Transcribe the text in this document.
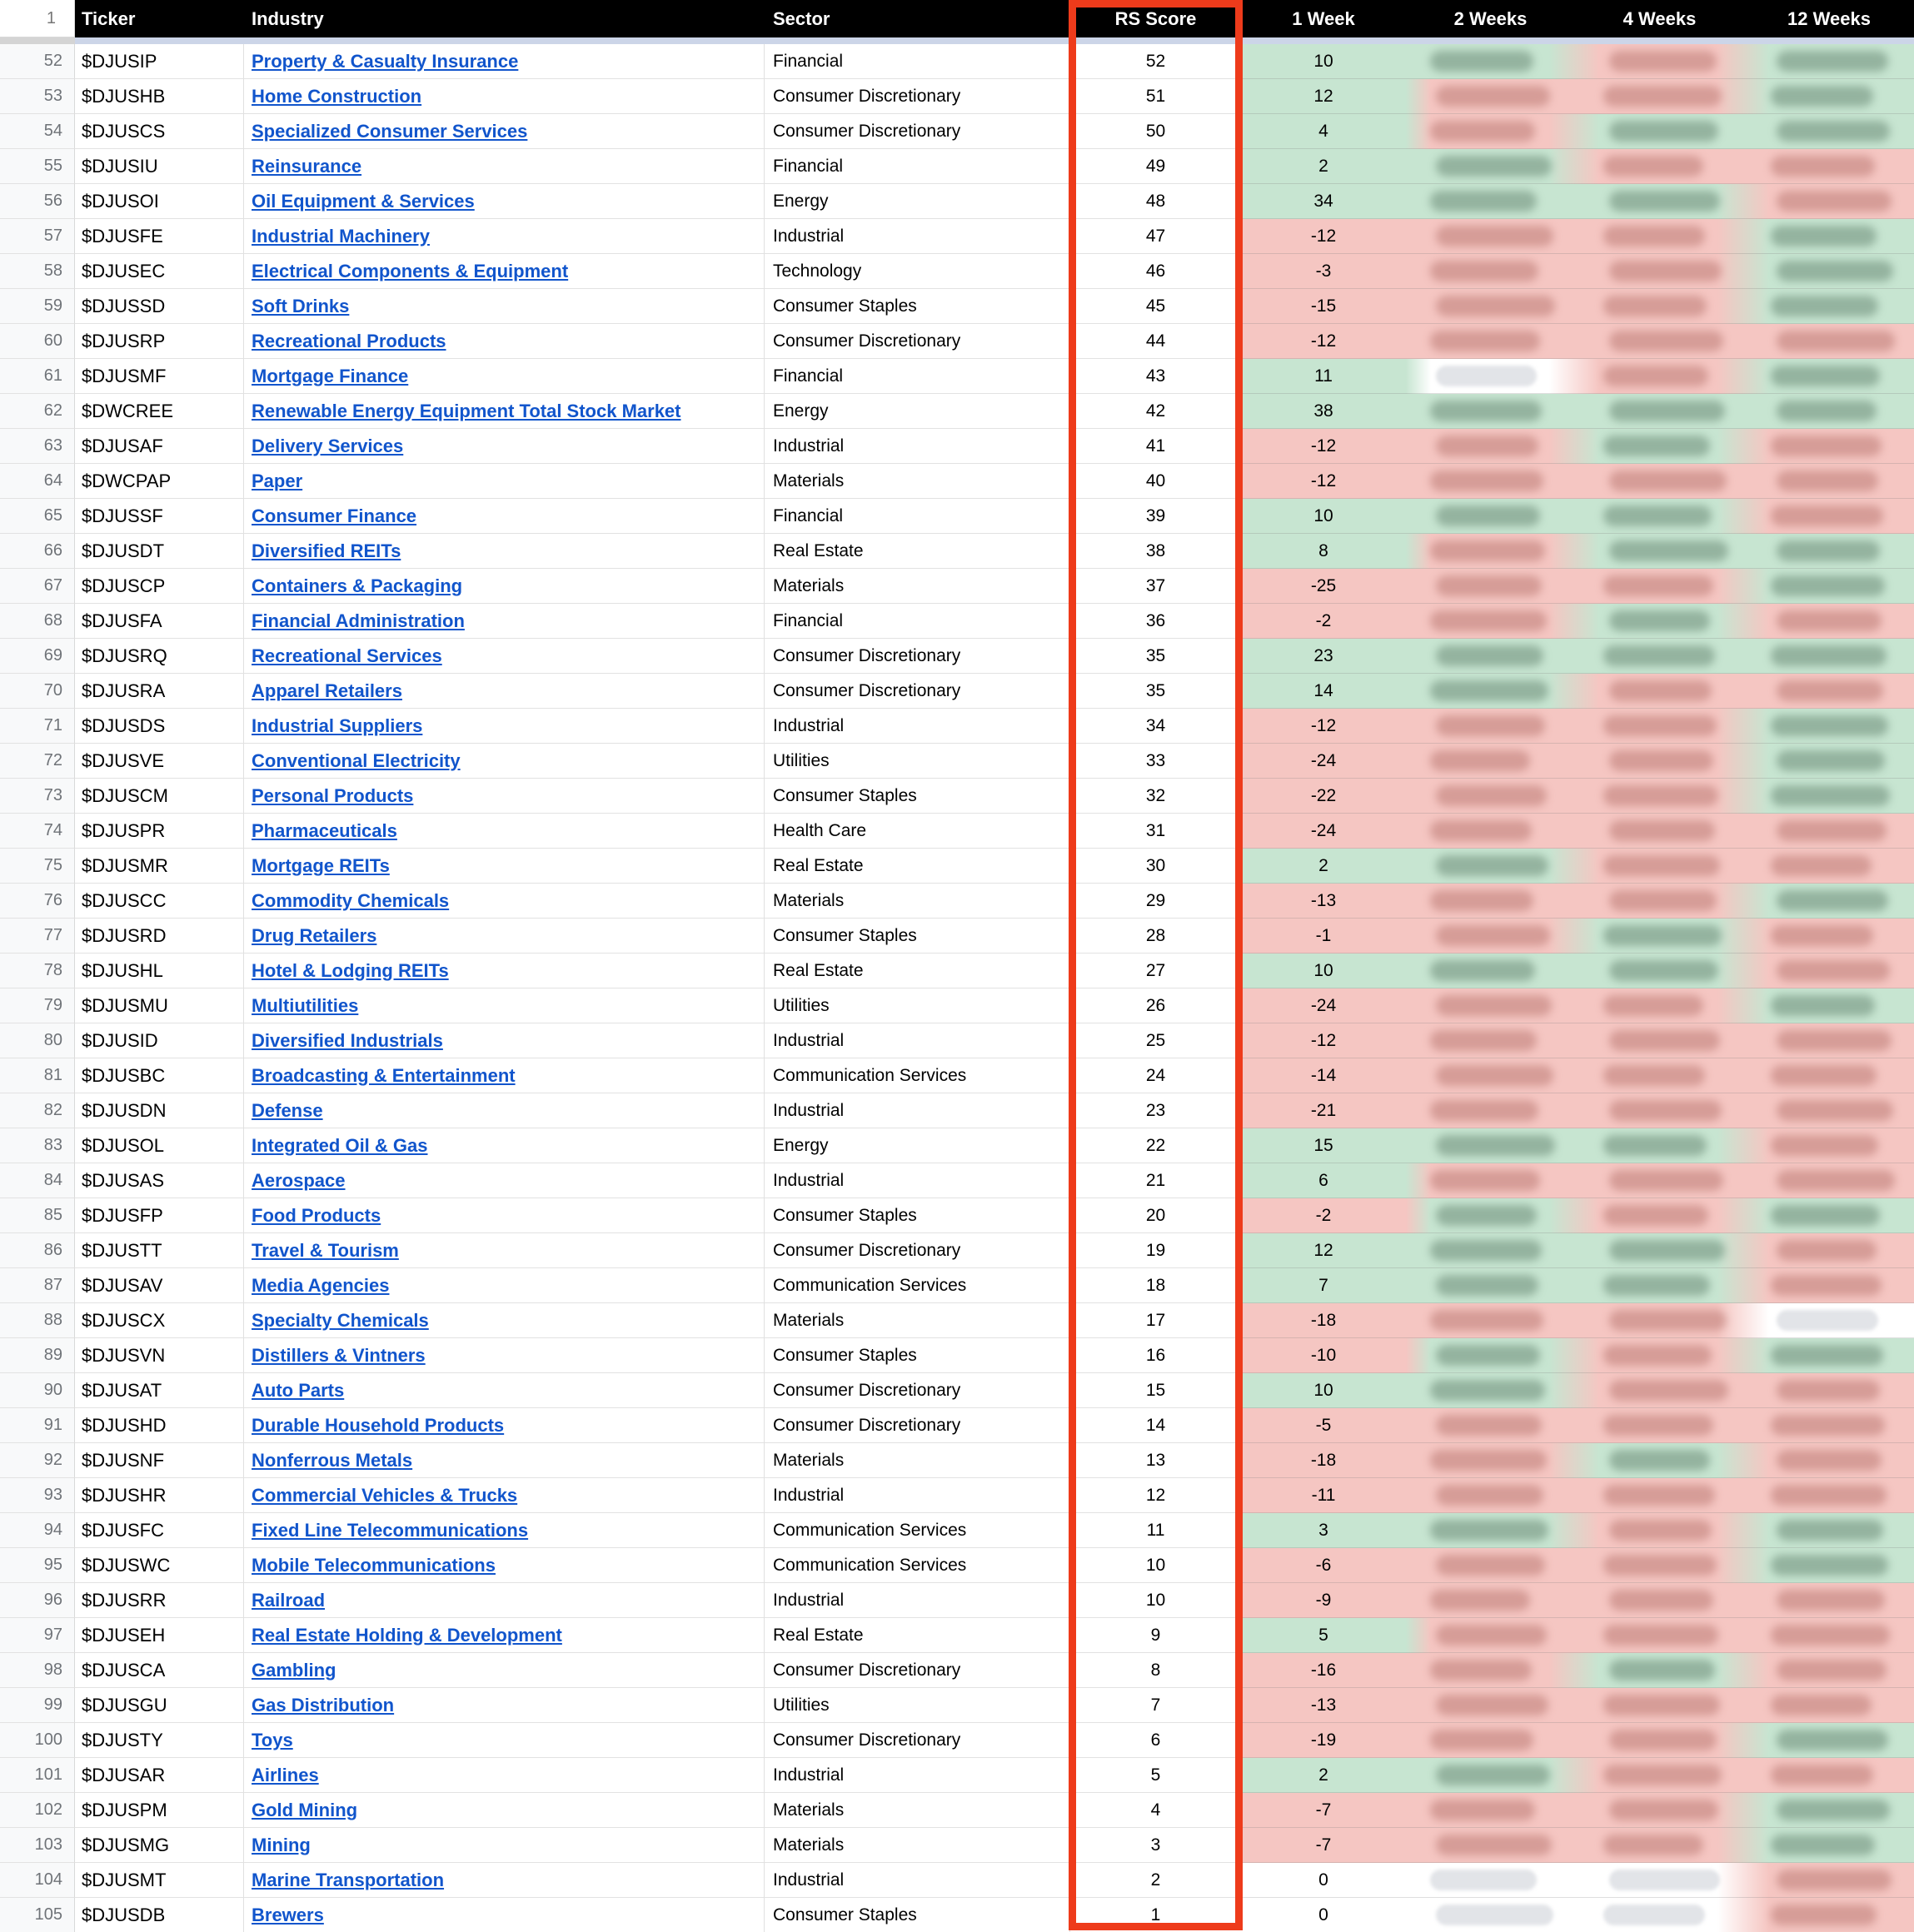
1	Ticker	Industry	Sector	RS Score	1 Week	2 Weeks	4 Weeks	12 Weeks
52	$DJUSIP	Property & Casualty Insurance	Financial	52	10
53	$DJUSHB	Home Construction	Consumer Discretionary	51	12
54	$DJUSCS	Specialized Consumer Services	Consumer Discretionary	50	4
55	$DJUSIU	Reinsurance	Financial	49	2
56	$DJUSOI	Oil Equipment & Services	Energy	48	34
57	$DJUSFE	Industrial Machinery	Industrial	47	-12
58	$DJUSEC	Electrical Components & Equipment	Technology	46	-3
59	$DJUSSD	Soft Drinks	Consumer Staples	45	-15
60	$DJUSRP	Recreational Products	Consumer Discretionary	44	-12
61	$DJUSMF	Mortgage Finance	Financial	43	11
62	$DWCREE	Renewable Energy Equipment Total Stock Market	Energy	42	38
63	$DJUSAF	Delivery Services	Industrial	41	-12
64	$DWCPAP	Paper	Materials	40	-12
65	$DJUSSF	Consumer Finance	Financial	39	10
66	$DJUSDT	Diversified REITs	Real Estate	38	8
67	$DJUSCP	Containers & Packaging	Materials	37	-25
68	$DJUSFA	Financial Administration	Financial	36	-2
69	$DJUSRQ	Recreational Services	Consumer Discretionary	35	23
70	$DJUSRA	Apparel Retailers	Consumer Discretionary	35	14
71	$DJUSDS	Industrial Suppliers	Industrial	34	-12
72	$DJUSVE	Conventional Electricity	Utilities	33	-24
73	$DJUSCM	Personal Products	Consumer Staples	32	-22
74	$DJUSPR	Pharmaceuticals	Health Care	31	-24
75	$DJUSMR	Mortgage REITs	Real Estate	30	2
76	$DJUSCC	Commodity Chemicals	Materials	29	-13
77	$DJUSRD	Drug Retailers	Consumer Staples	28	-1
78	$DJUSHL	Hotel & Lodging REITs	Real Estate	27	10
79	$DJUSMU	Multiutilities	Utilities	26	-24
80	$DJUSID	Diversified Industrials	Industrial	25	-12
81	$DJUSBC	Broadcasting & Entertainment	Communication Services	24	-14
82	$DJUSDN	Defense	Industrial	23	-21
83	$DJUSOL	Integrated Oil & Gas	Energy	22	15
84	$DJUSAS	Aerospace	Industrial	21	6
85	$DJUSFP	Food Products	Consumer Staples	20	-2
86	$DJUSTT	Travel & Tourism	Consumer Discretionary	19	12
87	$DJUSAV	Media Agencies	Communication Services	18	7
88	$DJUSCX	Specialty Chemicals	Materials	17	-18
89	$DJUSVN	Distillers & Vintners	Consumer Staples	16	-10
90	$DJUSAT	Auto Parts	Consumer Discretionary	15	10
91	$DJUSHD	Durable Household Products	Consumer Discretionary	14	-5
92	$DJUSNF	Nonferrous Metals	Materials	13	-18
93	$DJUSHR	Commercial Vehicles & Trucks	Industrial	12	-11
94	$DJUSFC	Fixed Line Telecommunications	Communication Services	11	3
95	$DJUSWC	Mobile Telecommunications	Communication Services	10	-6
96	$DJUSRR	Railroad	Industrial	10	-9
97	$DJUSEH	Real Estate Holding & Development	Real Estate	9	5
98	$DJUSCA	Gambling	Consumer Discretionary	8	-16
99	$DJUSGU	Gas Distribution	Utilities	7	-13
100	$DJUSTY	Toys	Consumer Discretionary	6	-19
101	$DJUSAR	Airlines	Industrial	5	2
102	$DJUSPM	Gold Mining	Materials	4	-7
103	$DJUSMG	Mining	Materials	3	-7
104	$DJUSMT	Marine Transportation	Industrial	2	0
105	$DJUSDB	Brewers	Consumer Staples	1	0
